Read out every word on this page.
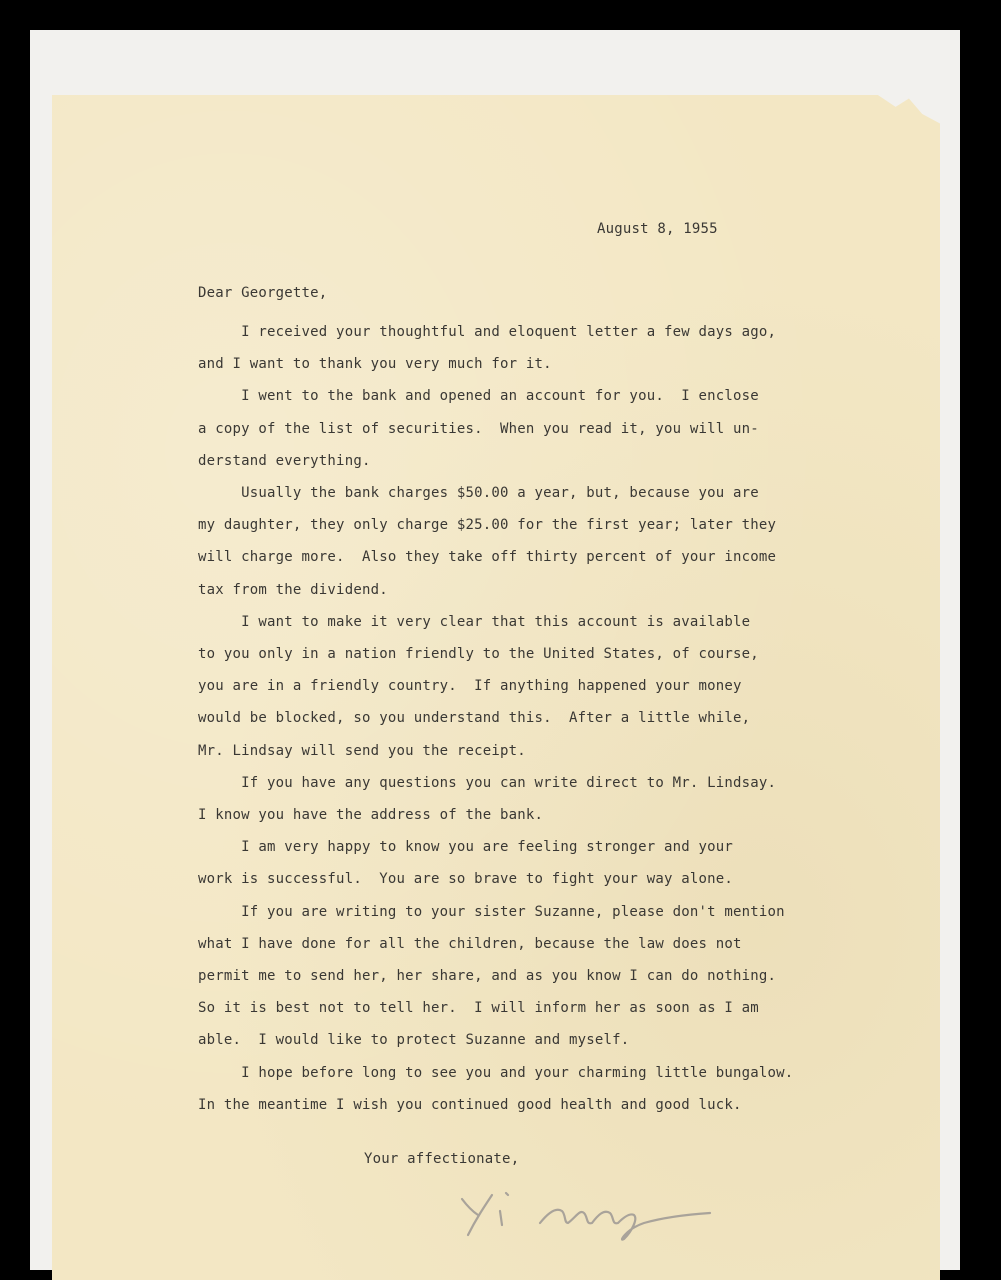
August 8, 1955
Dear Georgette,
I received your thoughtful and eloquent letter a few days ago,
and I want to thank you very much for it.
I went to the bank and opened an account for you.  I enclose
a copy of the list of securities.  When you read it, you will un-
derstand everything.
Usually the bank charges $50.00 a year, but, because you are
my daughter, they only charge $25.00 for the first year; later they
will charge more.  Also they take off thirty percent of your income
tax from the dividend.
I want to make it very clear that this account is available
to you only in a nation friendly to the United States, of course,
you are in a friendly country.  If anything happened your money
would be blocked, so you understand this.  After a little while,
Mr. Lindsay will send you the receipt.
If you have any questions you can write direct to Mr. Lindsay.
I know you have the address of the bank.
I am very happy to know you are feeling stronger and your
work is successful.  You are so brave to fight your way alone.
If you are writing to your sister Suzanne, please don't mention
what I have done for all the children, because the law does not
permit me to send her, her share, and as you know I can do nothing.
So it is best not to tell her.  I will inform her as soon as I am
able.  I would like to protect Suzanne and myself.
I hope before long to see you and your charming little bungalow.
In the meantime I wish you continued good health and good luck.
Your affectionate,
